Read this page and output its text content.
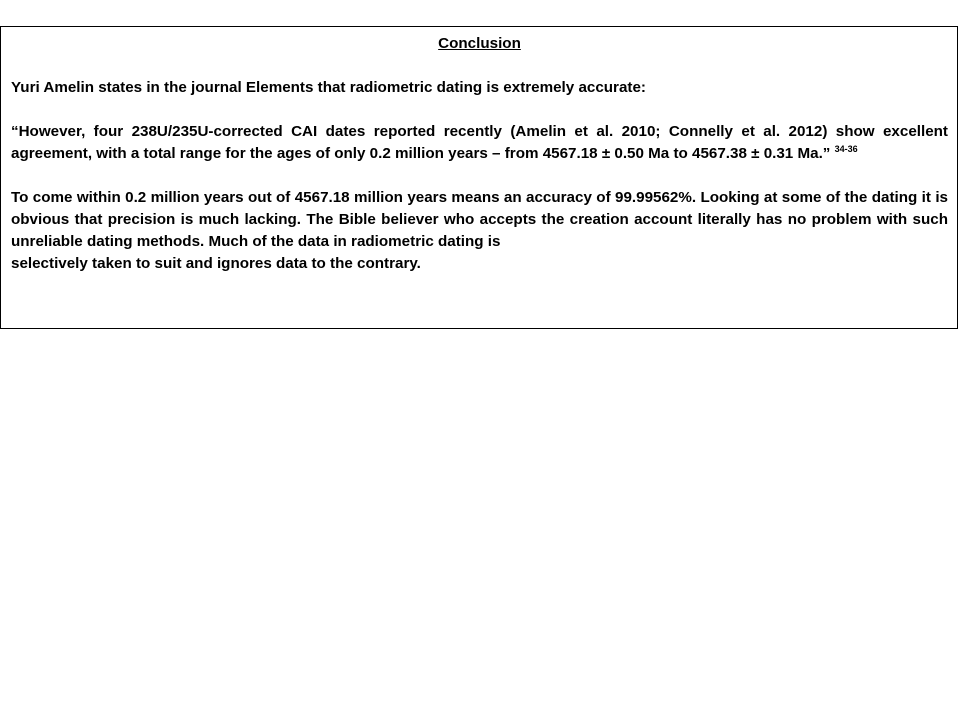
Conclusion

Yuri Amelin states in the journal Elements that radiometric dating is extremely accurate:

“However, four 238U/235U-corrected CAI dates reported recently (Amelin et al. 2010; Connelly et al. 2012) show excellent agreement, with a total range for the ages of only 0.2 million years – from 4567.18 ± 0.50 Ma to 4567.38 ± 0.31 Ma.” $^{34-36}$

To come within 0.2 million years out of 4567.18 million years means an accuracy of 99.99562%. Looking at some of the dating it is obvious that precision is much lacking. The Bible believer who accepts the creation account literally has no problem with such unreliable dating methods. Much of the data in radiometric dating is

selectively taken to suit and ignores data to the contrary.
